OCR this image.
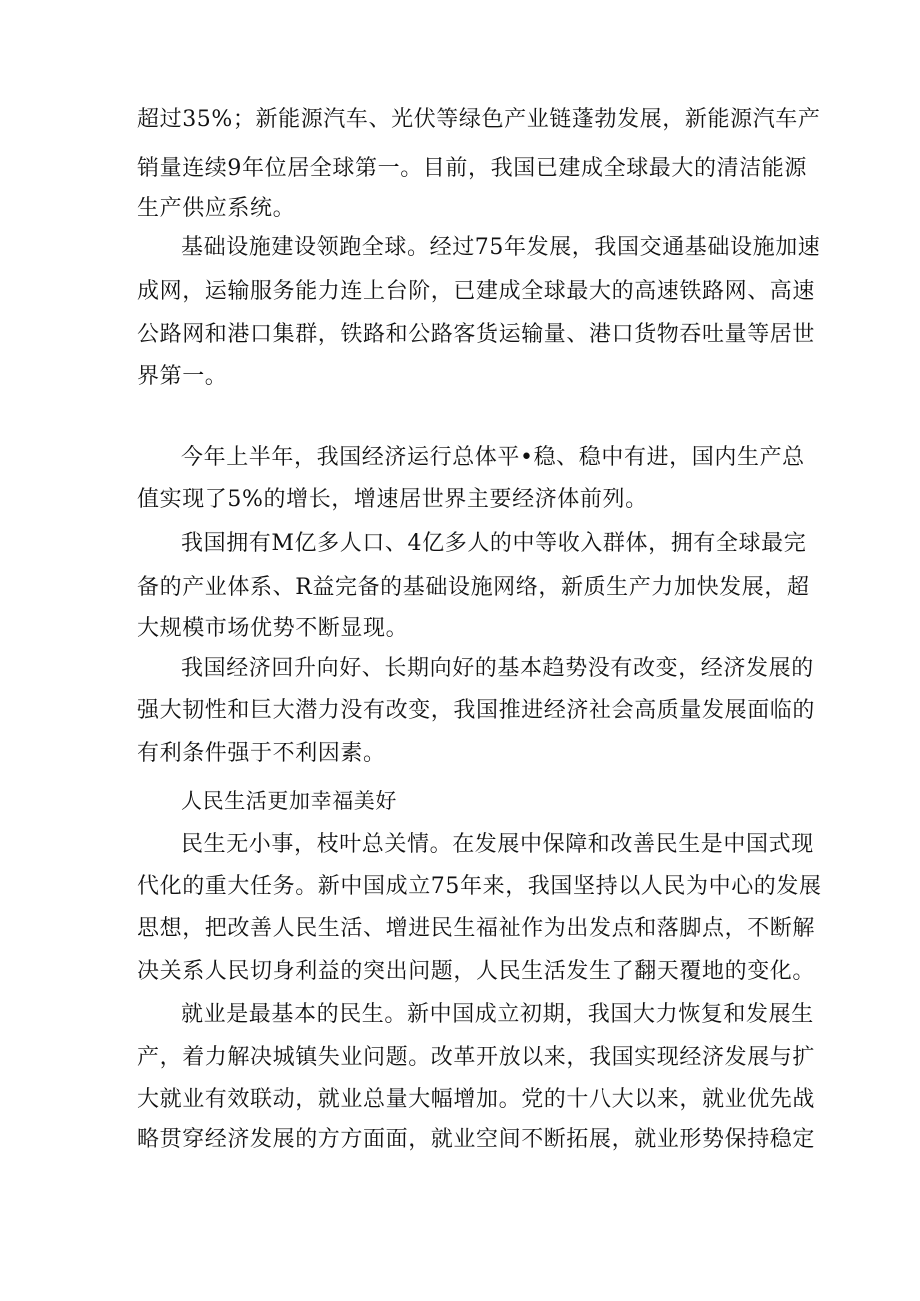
超过35%；新能源汽车、光伏等绿色产业链蓬勃发展，新能源汽车产
销量连续9年位居全球第一。目前，我国已建成全球最大的清洁能源
生产供应系统。
基础设施建设领跑全球。经过75年发展，我国交通基础设施加速
成网，运输服务能力连上台阶，已建成全球最大的高速铁路网、高速
公路网和港口集群，铁路和公路客货运输量、港口货物吞吐量等居世
界第一。
今年上半年，我国经济运行总体平•稳、稳中有进，国内生产总
值实现了5%的增长，增速居世界主要经济体前列。
我国拥有M亿多人口、4亿多人的中等收入群体，拥有全球最完
备的产业体系、R益完备的基础设施网络，新质生产力加快发展，超
大规模市场优势不断显现。
我国经济回升向好、长期向好的基本趋势没有改变，经济发展的
强大韧性和巨大潜力没有改变，我国推进经济社会高质量发展面临的
有利条件强于不利因素。
人民生活更加幸福美好
民生无小事，枝叶总关情。在发展中保障和改善民生是中国式现
代化的重大任务。新中国成立75年来，我国坚持以人民为中心的发展
思想，把改善人民生活、增进民生福祉作为出发点和落脚点，不断解
决关系人民切身利益的突出问题，人民生活发生了翻天覆地的变化。
就业是最基本的民生。新中国成立初期，我国大力恢复和发展生
产，着力解决城镇失业问题。改革开放以来，我国实现经济发展与扩
大就业有效联动，就业总量大幅增加。党的十八大以来，就业优先战
略贯穿经济发展的方方面面，就业空间不断拓展，就业形势保持稳定
